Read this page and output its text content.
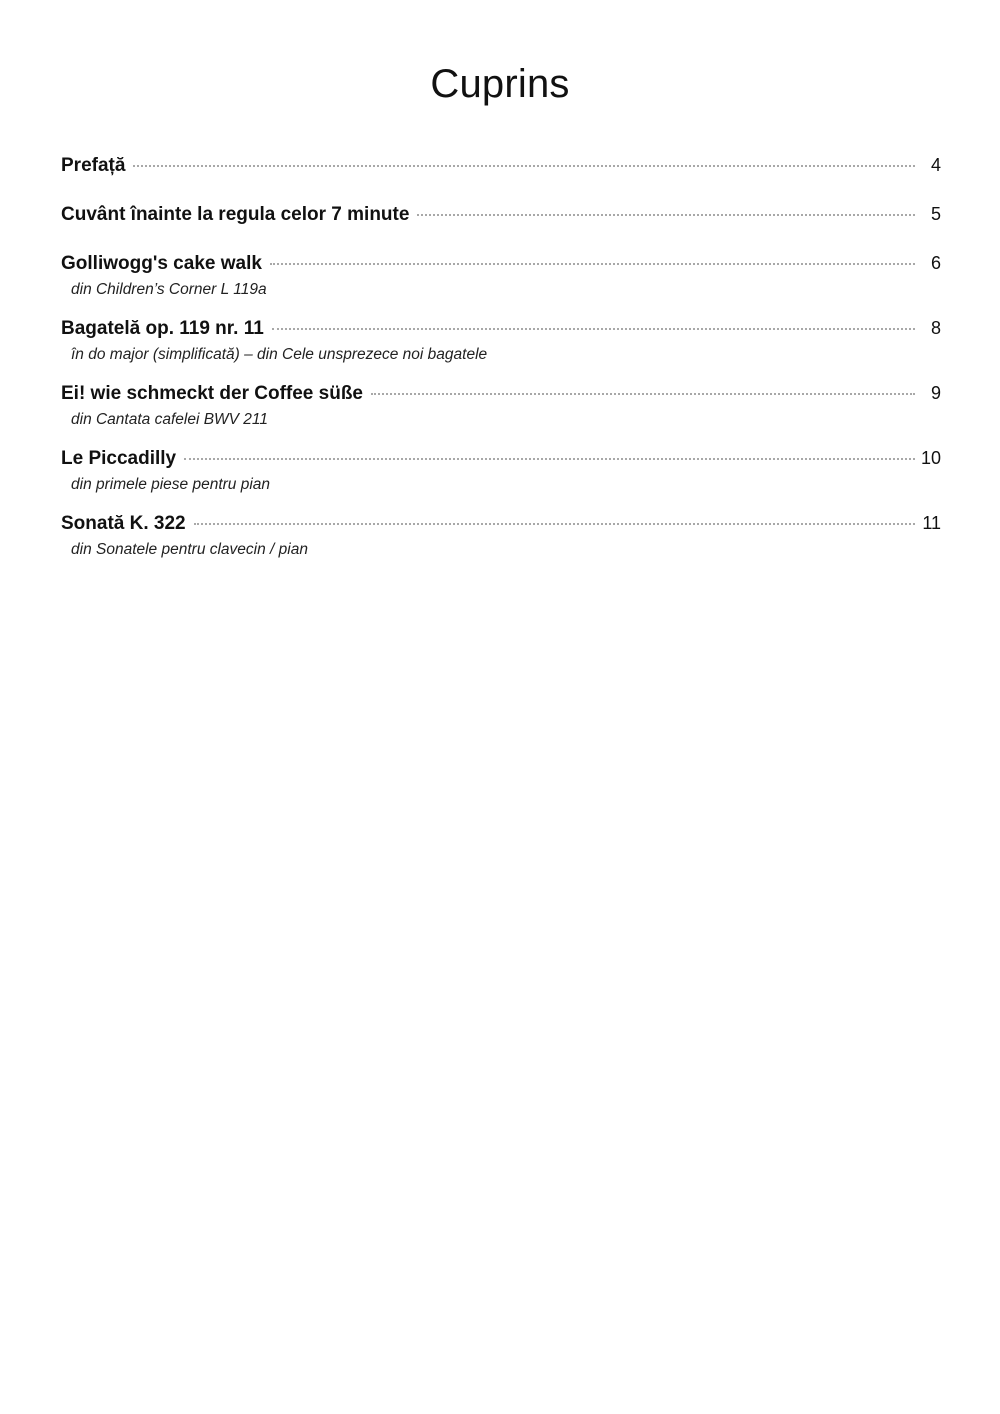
Cuprins
Prefață	4
Cuvânt înainte la regula celor 7 minute	5
Golliwogg's cake walk	6
din Children’s Corner L 119a
Bagatelă op. 119 nr. 11	8
în do major (simplificată) – din Cele unsprezece noi bagatele
Ei! wie schmeckt der Coffee süße	9
din Cantata cafelei BWV 211
Le Piccadilly	10
din primele piese pentru pian
Sonată K. 322	11
din Sonatele pentru clavecin / pian
